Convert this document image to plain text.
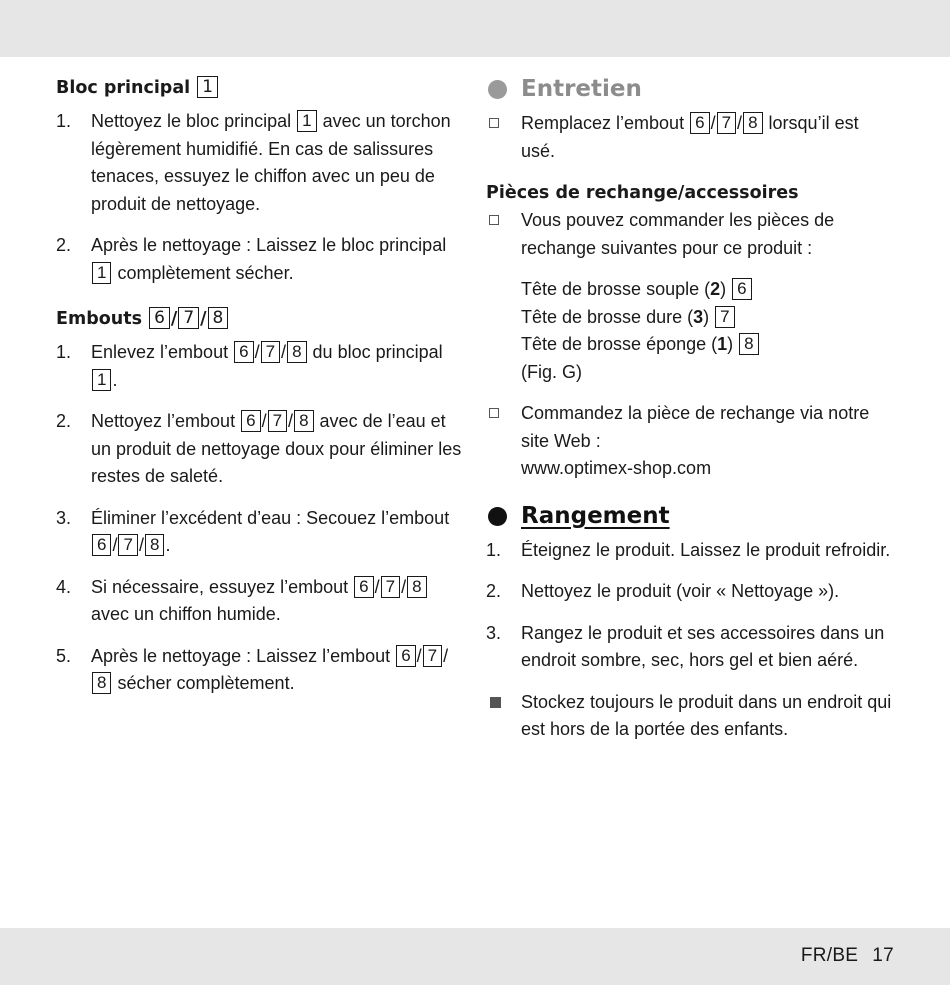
Bloc principal 1

1. Nettoyez le bloc principal 1 avec un torchon légèrement humidifié. En cas de salissures tenaces, essuyez le chiffon avec un peu de produit de nettoyage.
2. Après le nettoyage : Laissez le bloc principal 1 complètement sécher.

Embouts 6 / 7 / 8

1. Enlevez l’embout 6 / 7 / 8 du bloc principal 1 .
2. Nettoyez l’embout 6 / 7 / 8 avec de l’eau et un produit de nettoyage doux pour éliminer les restes de saleté.
3. Éliminer l’excédent d’eau : Secouez l’embout 6 / 7 / 8 .
4. Si nécessaire, essuyez l’embout 6 / 7 / 8 avec un chiffon humide.
5. Après le nettoyage : Laissez l’embout 6 / 7 /8 sécher complètement.
Entretien
Remplacez l’embout 6 / 7 / 8 lorsqu’il est usé.

Pièces de rechange/accessoires

Vous pouvez commander les pièces de rechange suivantes pour ce produit :
Tête de brosse souple (2) 6
Tête de brosse dure (3) 7
Tête de brosse éponge (1) 8
(Fig. G)
Commandez la pièce de rechange via notre site Web :
www.optimex-shop.com
Rangement
1. Éteignez le produit. Laissez le produit refroidir.
2. Nettoyez le produit (voir « Nettoyage »).
3. Rangez le produit et ses accessoires dans un endroit sombre, sec, hors gel et bien aéré.
Stockez toujours le produit dans un endroit qui est hors de la portée des enfants.
FR/BE 17
